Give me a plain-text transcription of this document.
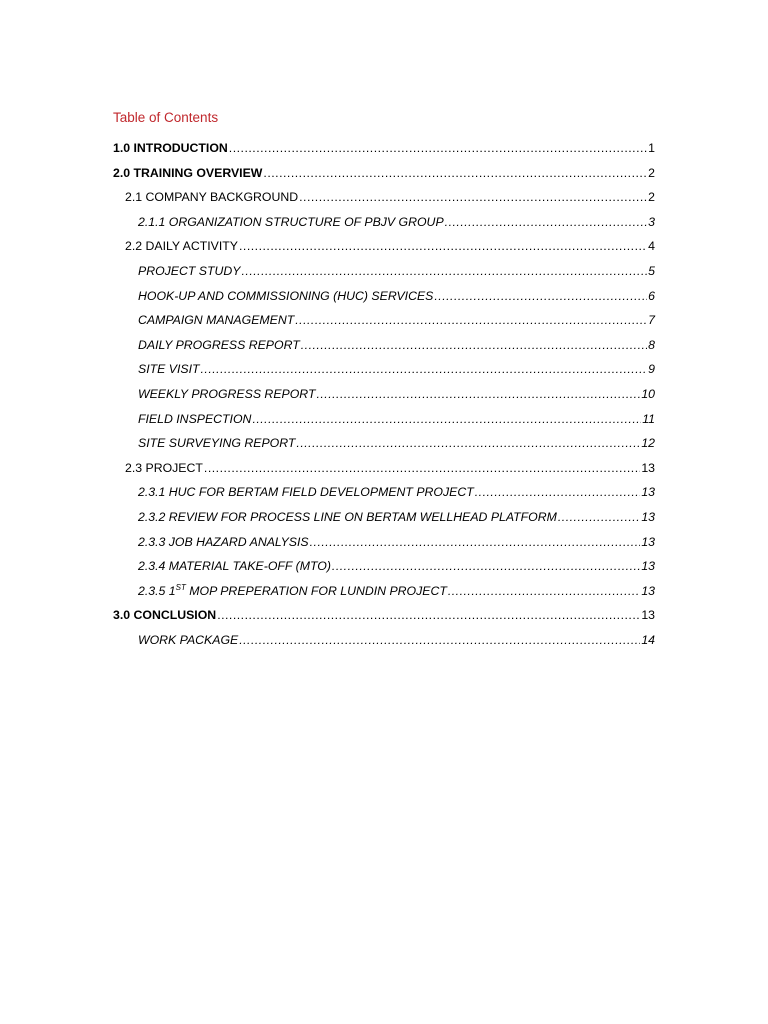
Table of Contents
1.0 INTRODUCTION .....	1
2.0 TRAINING OVERVIEW .....	2
2.1 COMPANY BACKGROUND .....	2
2.1.1 ORGANIZATION STRUCTURE OF PBJV GROUP .....	3
2.2 DAILY ACTIVITY .....	4
PROJECT STUDY .....	5
HOOK-UP AND COMMISSIONING (HUC) SERVICES .....	6
CAMPAIGN MANAGEMENT .....	7
DAILY PROGRESS REPORT .....	8
SITE VISIT .....	9
WEEKLY PROGRESS REPORT .....	10
FIELD INSPECTION .....	11
SITE SURVEYING REPORT .....	12
2.3 PROJECT .....	13
2.3.1 HUC FOR BERTAM FIELD DEVELOPMENT PROJECT .....	13
2.3.2 REVIEW FOR PROCESS LINE ON BERTAM WELLHEAD PLATFORM .....	13
2.3.3 JOB HAZARD ANALYSIS .....	13
2.3.4 MATERIAL TAKE-OFF (MTO) .....	13
2.3.5 1ST MOP PREPERATION FOR LUNDIN PROJECT .....	13
3.0 CONCLUSION .....	13
WORK PACKAGE .....	14
